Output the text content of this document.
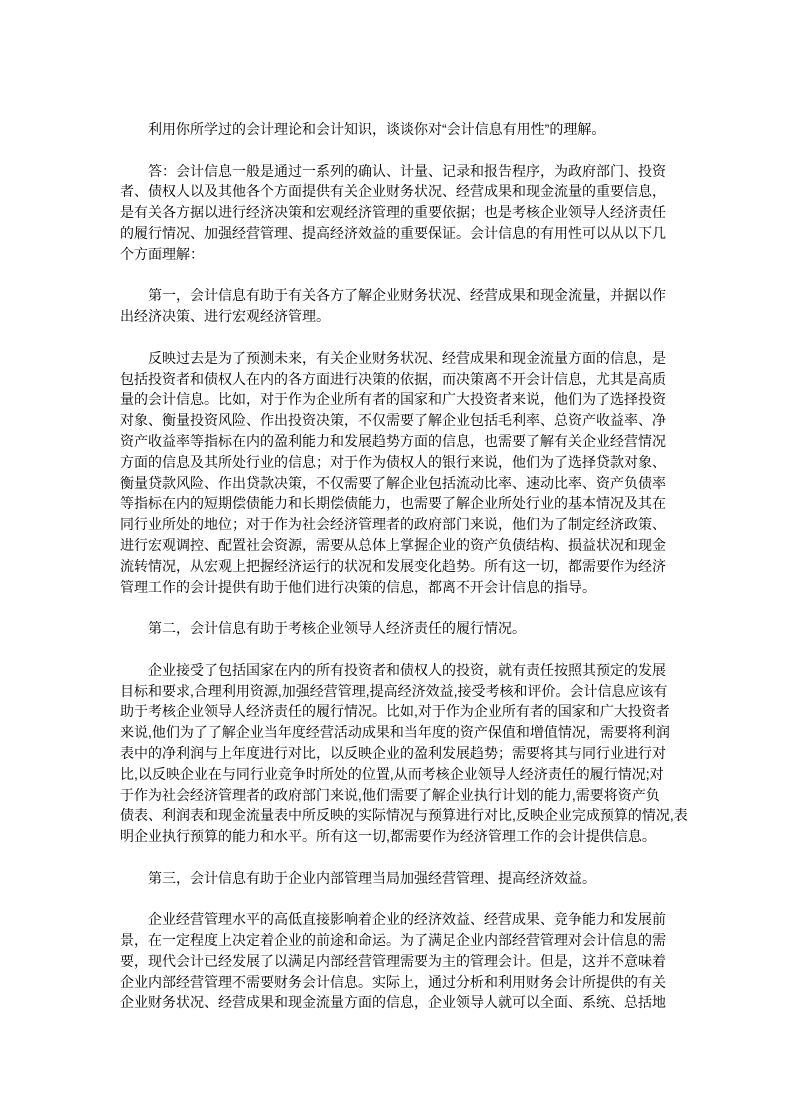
利用你所学过的会计理论和会计知识，谈谈你对“会计信息有用性”的理解。
答：会计信息一般是通过一系列的确认、计量、记录和报告程序，为政府部门、投资
者、债权人以及其他各个方面提供有关企业财务状况、经营成果和现金流量的重要信息，
是有关各方据以进行经济决策和宏观经济管理的重要依据；也是考核企业领导人经济责任
的履行情况、加强经营管理、提高经济效益的重要保证。会计信息的有用性可以从以下几
个方面理解：
第一，会计信息有助于有关各方了解企业财务状况、经营成果和现金流量，并据以作
出经济决策、进行宏观经济管理。
反映过去是为了预测未来，有关企业财务状况、经营成果和现金流量方面的信息，是
包括投资者和债权人在内的各方面进行决策的依据，而决策离不开会计信息，尤其是高质
量的会计信息。比如，对于作为企业所有者的国家和广大投资者来说，他们为了选择投资
对象、衡量投资风险、作出投资决策，不仅需要了解企业包括毛利率、总资产收益率、净
资产收益率等指标在内的盈利能力和发展趋势方面的信息，也需要了解有关企业经营情况
方面的信息及其所处行业的信息；对于作为债权人的银行来说，他们为了选择贷款对象、
衡量贷款风险、作出贷款决策，不仅需要了解企业包括流动比率、速动比率、资产负债率
等指标在内的短期偿债能力和长期偿债能力，也需要了解企业所处行业的基本情况及其在
同行业所处的地位；对于作为社会经济管理者的政府部门来说，他们为了制定经济政策、
进行宏观调控、配置社会资源，需要从总体上掌握企业的资产负债结构、损益状况和现金
流转情况，从宏观上把握经济运行的状况和发展变化趋势。所有这一切，都需要作为经济
管理工作的会计提供有助于他们进行决策的信息，都离不开会计信息的指导。
第二，会计信息有助于考核企业领导人经济责任的履行情况。
企业接受了包括国家在内的所有投资者和债权人的投资，就有责任按照其预定的发展
目标和要求,合理利用资源,加强经营管理,提高经济效益,接受考核和评价。会计信息应该有
助于考核企业领导人经济责任的履行情况。比如,对于作为企业所有者的国家和广大投资者
来说,他们为了了解企业当年度经营活动成果和当年度的资产保值和增值情况，需要将利润
表中的净利润与上年度进行对比，以反映企业的盈利发展趋势；需要将其与同行业进行对
比,以反映企业在与同行业竞争时所处的位置,从而考核企业领导人经济责任的履行情况;对
于作为社会经济管理者的政府部门来说,他们需要了解企业执行计划的能力,需要将资产负
债表、利润表和现金流量表中所反映的实际情况与预算进行对比,反映企业完成预算的情况,表
明企业执行预算的能力和水平。所有这一切,都需要作为经济管理工作的会计提供信息。
第三，会计信息有助于企业内部管理当局加强经营管理、提高经济效益。
企业经营管理水平的高低直接影响着企业的经济效益、经营成果、竞争能力和发展前
景，在一定程度上决定着企业的前途和命运。为了满足企业内部经营管理对会计信息的需
要，现代会计已经发展了以满足内部经营管理需要为主的管理会计。但是，这并不意味着
企业内部经营管理不需要财务会计信息。实际上，通过分析和利用财务会计所提供的有关
企业财务状况、经营成果和现金流量方面的信息，企业领导人就可以全面、系统、总括地
